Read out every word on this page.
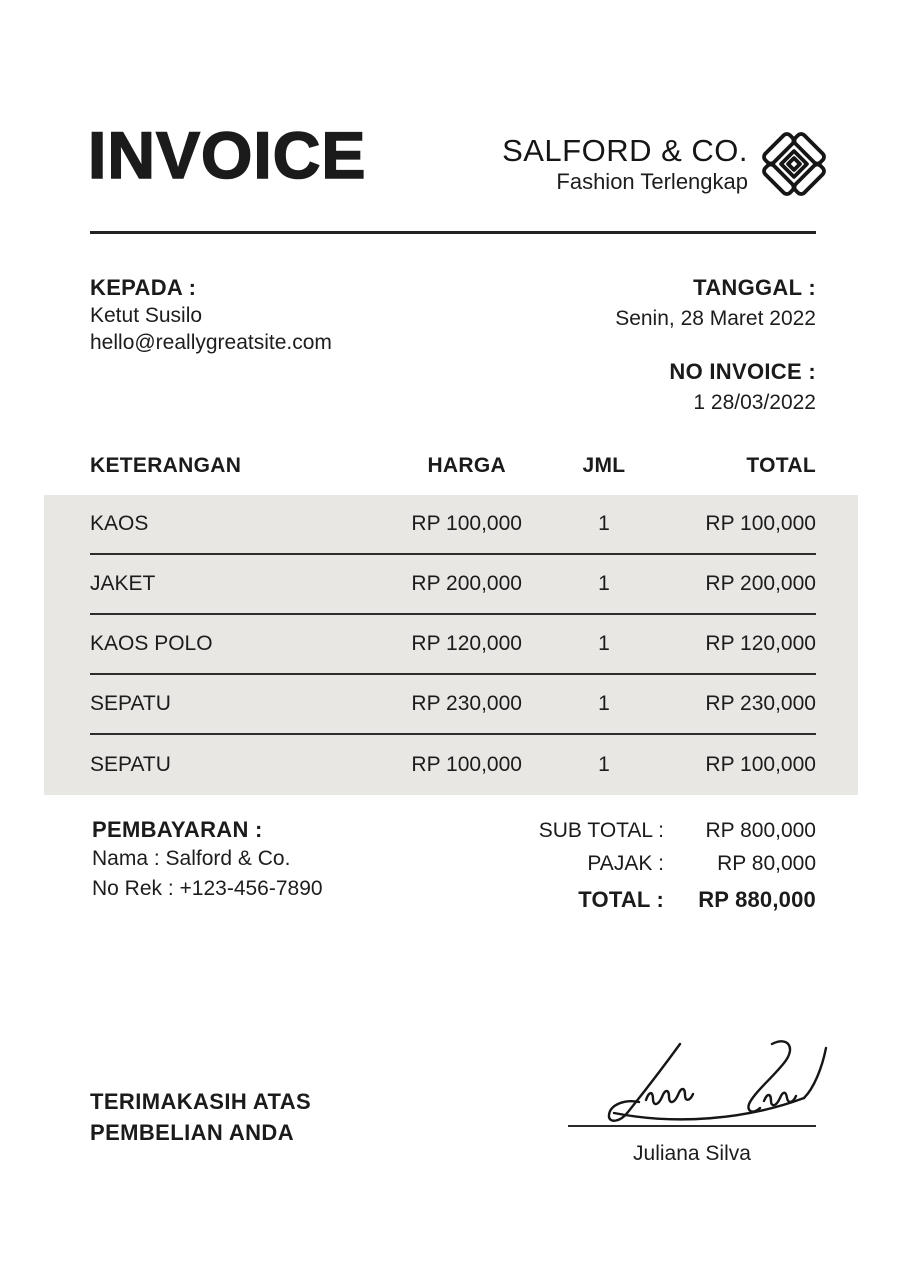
INVOICE	SALFORD & CO.
Fashion Terlengkap
KEPADA :
Ketut Susilo
hello@reallygreatsite.com
TANGGAL :
Senin, 28 Maret 2022
NO INVOICE :
1 28/03/2022
KETERANGAN	HARGA	JML	TOTAL
KAOS	RP 100,000	1	RP 100,000
JAKET	RP 200,000	1	RP 200,000
KAOS POLO	RP 120,000	1	RP 120,000
SEPATU	RP 230,000	1	RP 230,000
SEPATU	RP 100,000	1	RP 100,000
PEMBAYARAN :
Nama : Salford & Co.
No Rek : +123-456-7890
SUB TOTAL :	RP 800,000
PAJAK :	RP 80,000
TOTAL :	RP 880,000
TERIMAKASIH ATAS
PEMBELIAN ANDA
Juliana Silva
